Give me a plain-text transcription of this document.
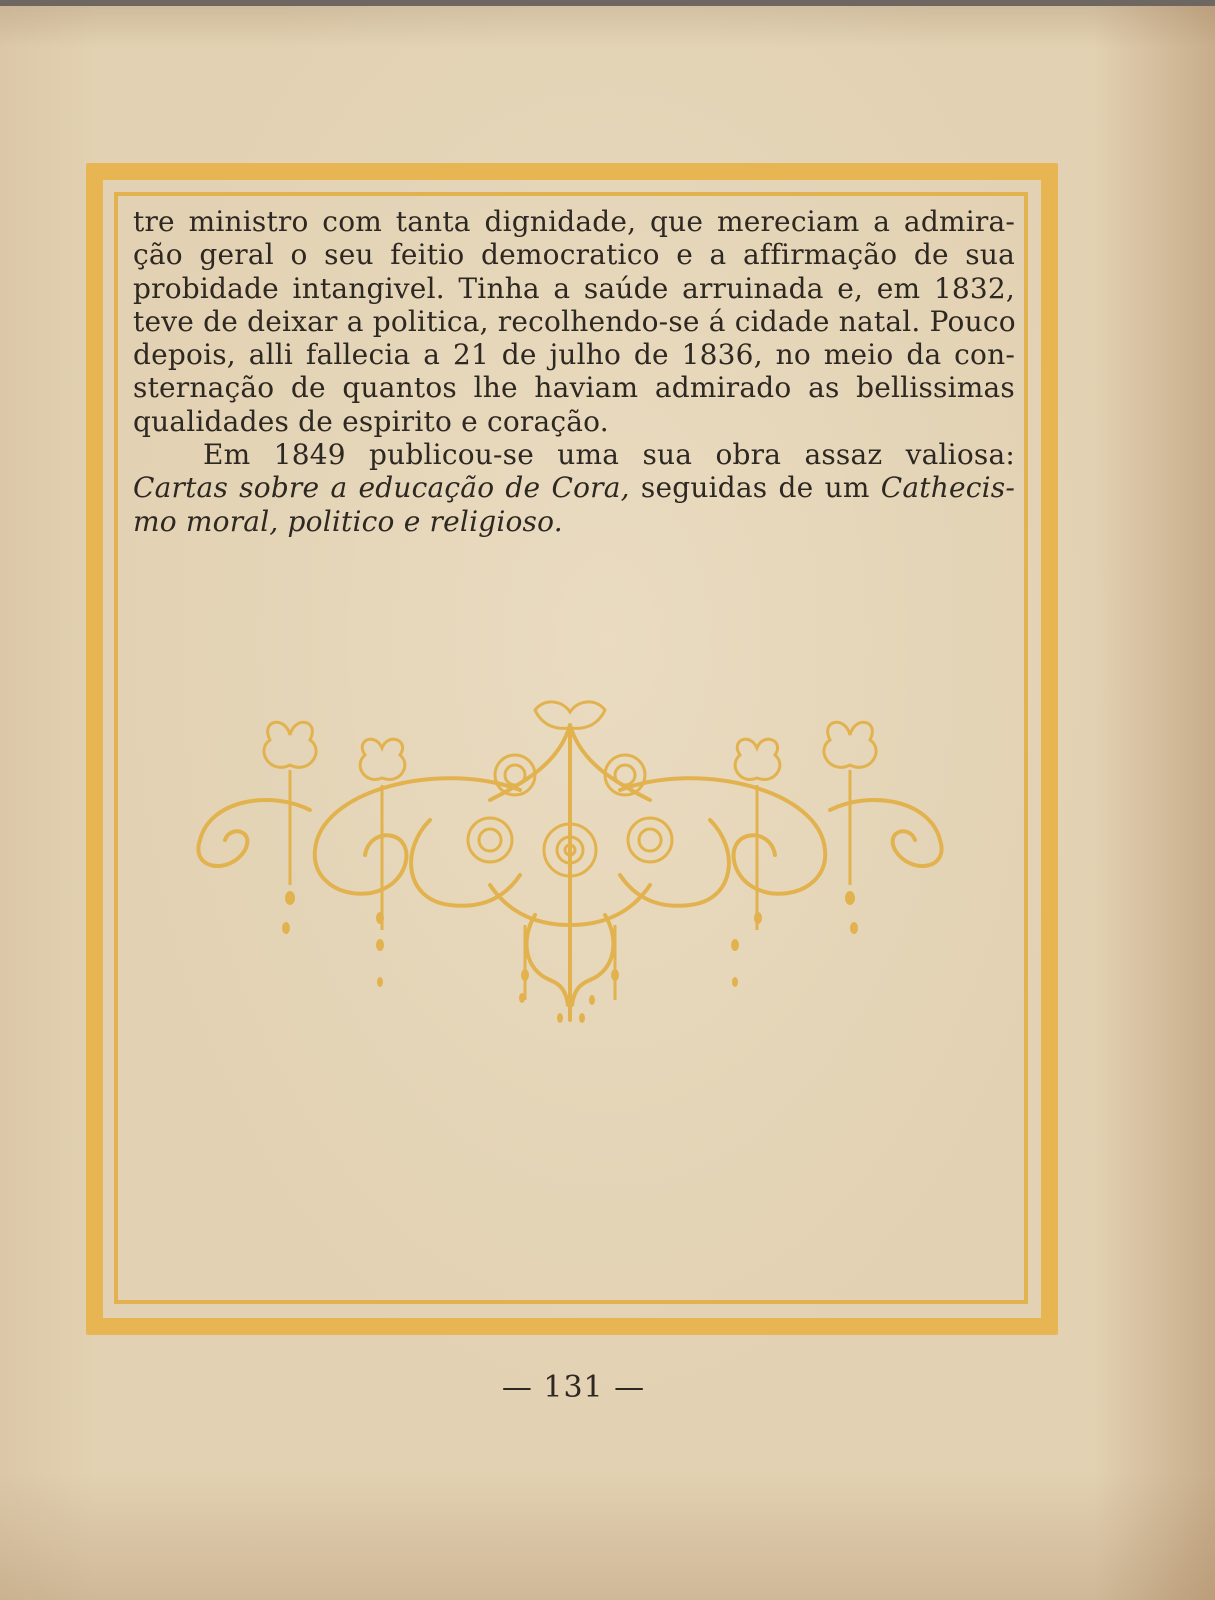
tre ministro com tanta dignidade, que mereciam a admira-
ção geral o seu feitio democratico e a affirmação de sua
probidade intangivel. Tinha a saúde arruinada e, em 1832,
teve de deixar a politica, recolhendo-se á cidade natal. Pouco
depois, alli fallecia a 21 de julho de 1836, no meio da con-
sternação de quantos lhe haviam admirado as bellissimas
qualidades de espirito e coração.
Em 1849 publicou-se uma sua obra assaz valiosa:
Cartas sobre a educação de Cora, seguidas de um Cathecis-
mo moral, politico e religioso.
— 131 —
